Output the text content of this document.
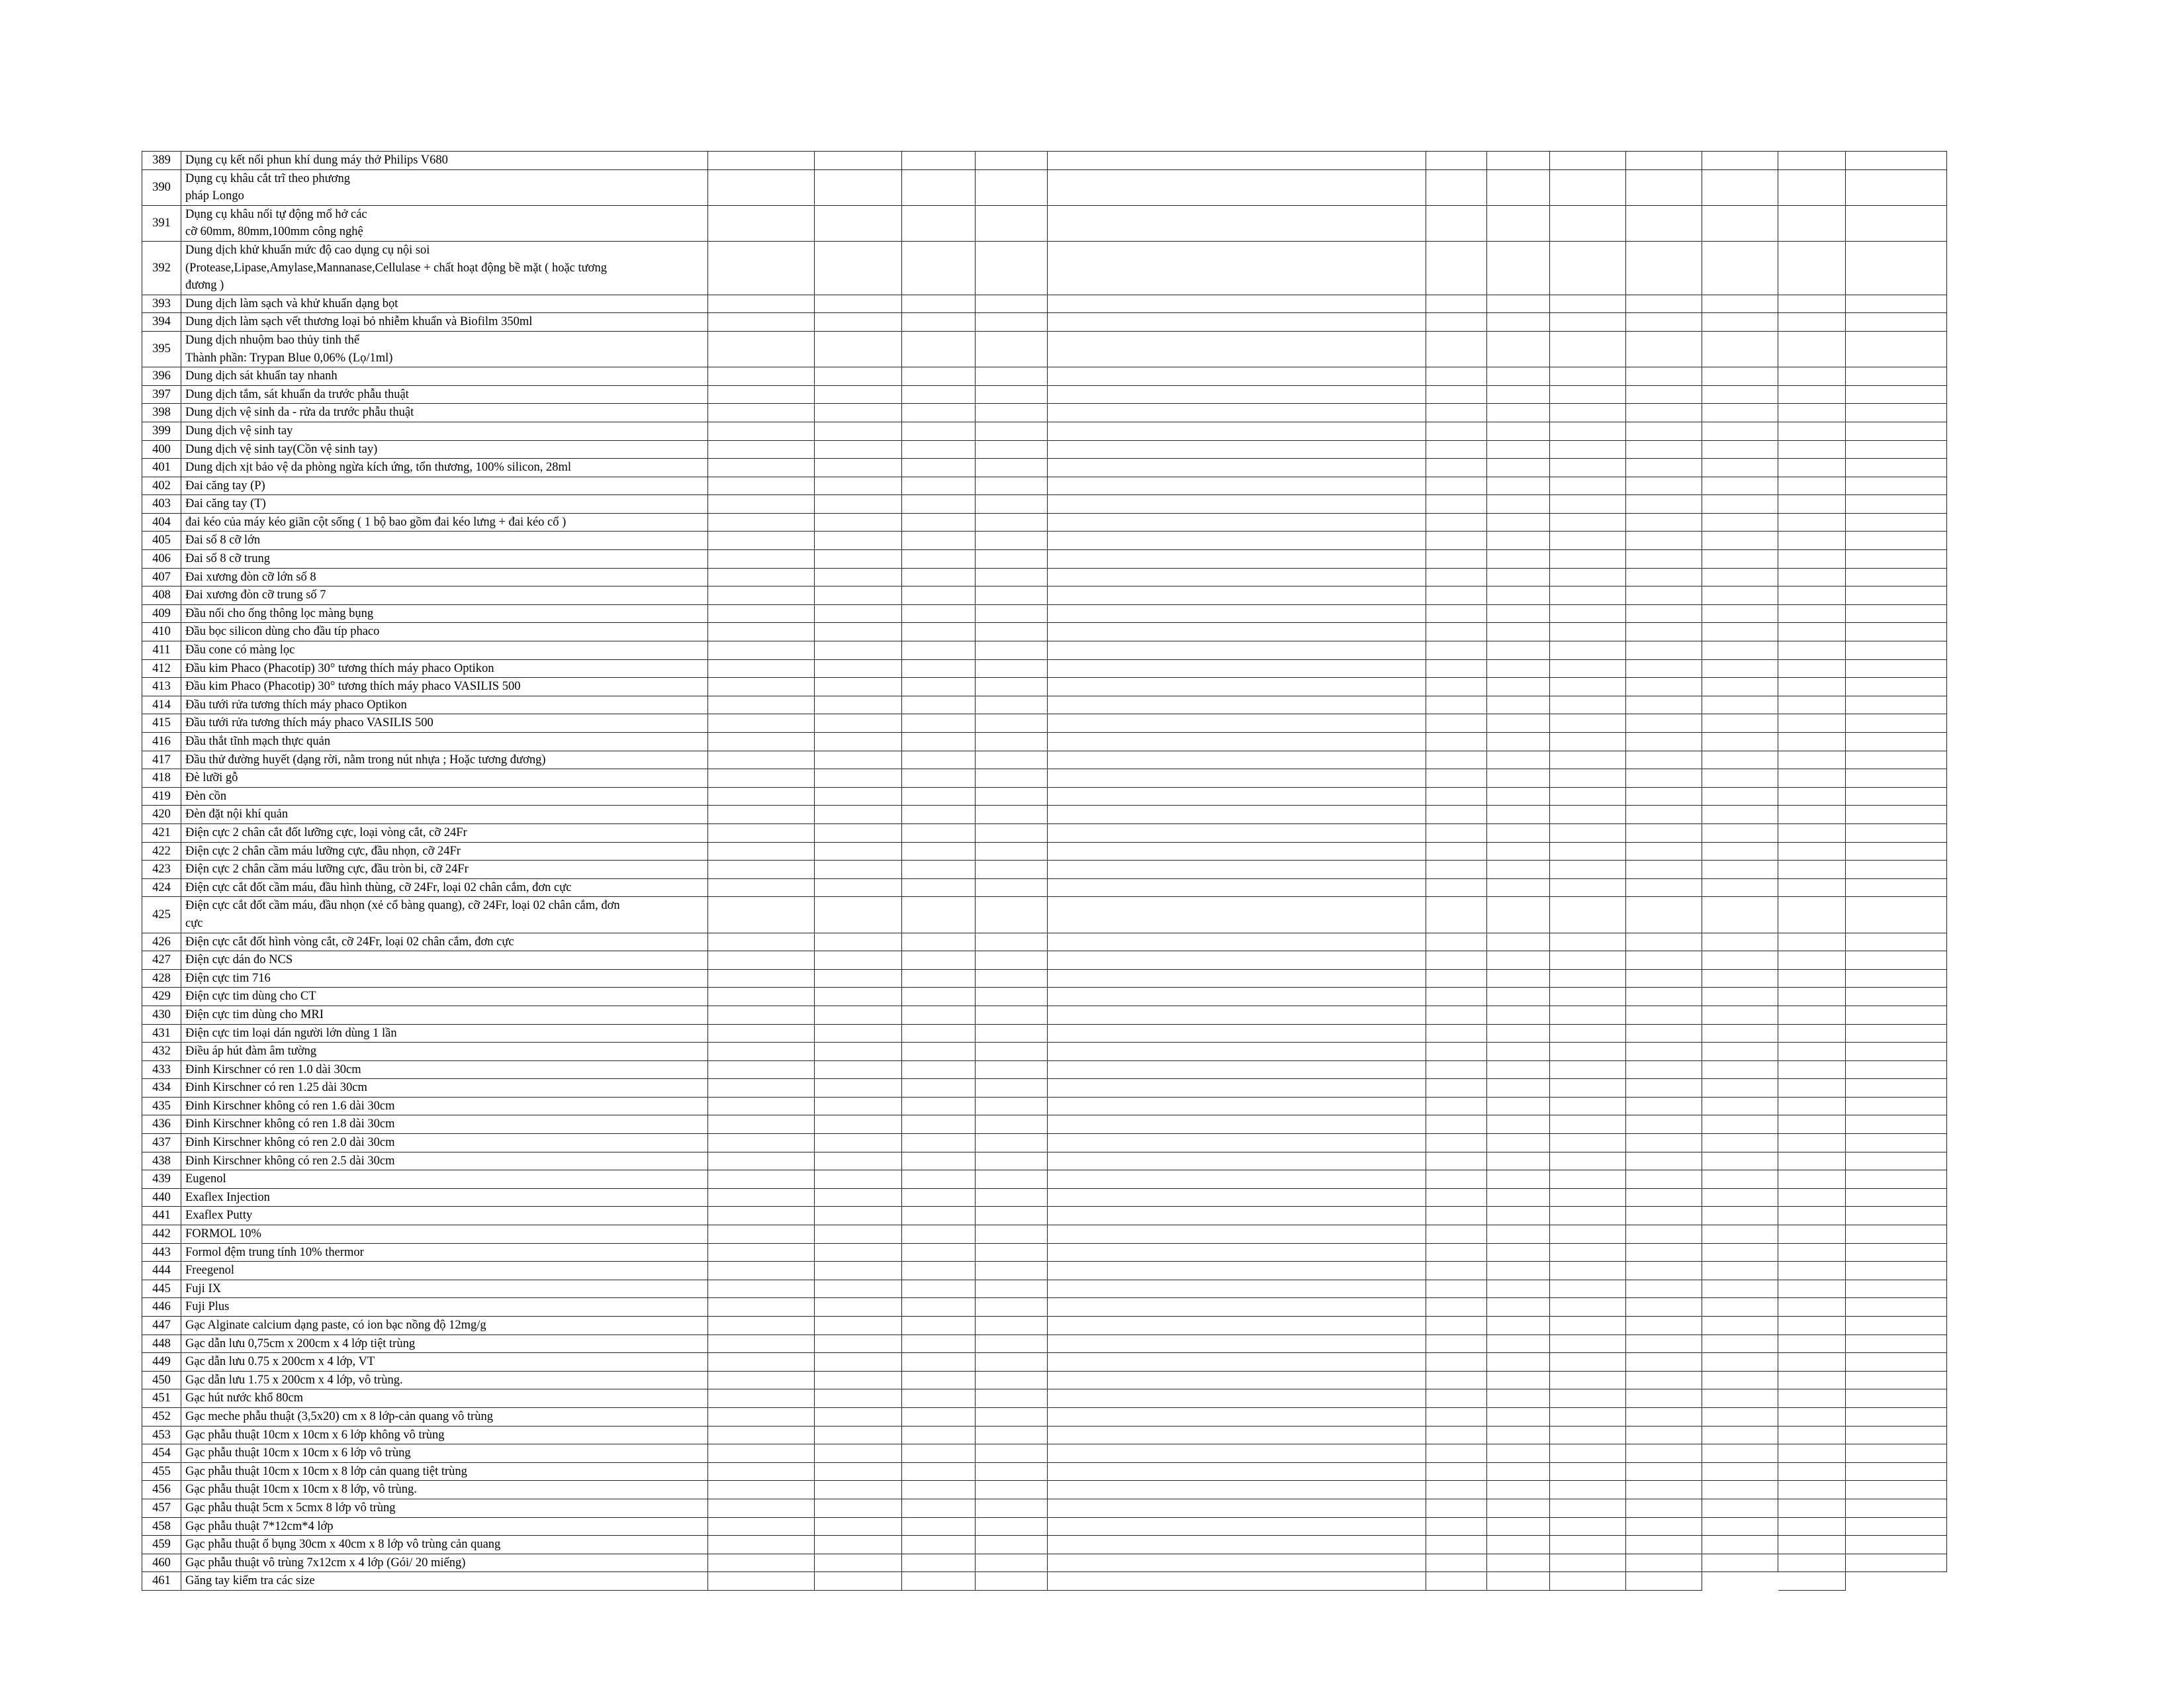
389	Dụng cụ kết nối phun khí dung máy thở Philips V680												
390	Dụng cụ khâu cắt trĩ theo phương
pháp Longo												
391	Dụng cụ khâu nối tự động mổ hở các
cỡ 60mm, 80mm,100mm công nghệ												
392	Dung dịch khử khuẩn mức độ cao dụng cụ nội soi
(Protease,Lipase,Amylase,Mannanase,Cellulase + chất hoạt động bề mặt ( hoặc tương
đương )												
393	Dung dịch làm sạch và khử khuẩn dạng bọt												
394	Dung dịch làm sạch vết thương loại bỏ nhiễm khuẩn và Biofilm 350ml												
395	Dung dịch nhuộm bao thủy tinh thể
Thành phần: Trypan Blue 0,06% (Lọ/1ml)												
396	Dung dịch sát khuẩn tay nhanh												
397	Dung dịch tắm, sát khuẩn da trước phẫu thuật												
398	Dung dịch vệ sinh da - rửa da trước phẫu thuật												
399	Dung dịch vệ sinh tay												
400	Dung dịch vệ sinh tay(Cồn vệ sinh tay)												
401	Dung dịch xịt bảo vệ da phòng ngừa kích ứng, tổn thương, 100% silicon, 28ml												
402	Đai căng tay (P)												
403	Đai căng tay (T)												
404	đai kéo của máy kéo giãn cột sống ( 1 bộ bao gồm đai kéo lưng + đai kéo cổ )												
405	Đai số 8 cỡ lớn												
406	Đai số 8 cỡ trung												
407	Đai xương đòn cỡ lớn số 8												
408	Đai xương đòn cỡ trung số 7												
409	Đầu nối cho ống thông lọc màng bụng												
410	Đầu bọc silicon dùng cho đầu típ phaco												
411	Đầu cone có màng lọc												
412	Đầu kim Phaco (Phacotip) 30° tương thích máy phaco Optikon												
413	Đầu kim Phaco (Phacotip) 30° tương thích máy phaco VASILIS 500												
414	Đầu tưới rửa tương thích máy phaco Optikon												
415	Đầu tưới rửa tương thích máy phaco VASILIS 500												
416	Đầu thắt tĩnh mạch thực quản												
417	Đầu thử đường huyết (dạng rời, nằm trong nút nhựa ; Hoặc tương đương)												
418	Đè lưỡi gỗ												
419	Đèn cồn												
420	Đèn đặt nội khí quản												
421	Điện cực 2 chân cắt đốt lưỡng cực, loại vòng cắt, cỡ 24Fr												
422	Điện cực 2 chân cầm máu lưỡng cực, đầu nhọn, cỡ 24Fr												
423	Điện cực 2 chân cầm máu lưỡng cực, đầu tròn bi, cỡ 24Fr												
424	Điện cực cắt đốt cầm máu, đầu hình thùng, cỡ 24Fr, loại 02 chân cắm, đơn cực												
425	Điện cực cắt đốt cầm máu, đầu nhọn (xẻ cổ bàng quang), cỡ 24Fr, loại 02 chân cắm, đơn
cực												
426	Điện cực cắt đốt hình vòng cắt, cỡ 24Fr, loại 02 chân cắm, đơn cực												
427	Điện cực dán đo NCS												
428	Điện cực tim 716												
429	Điện cực tim dùng cho CT												
430	Điện cực tim dùng cho MRI												
431	Điện cực tim loại dán người lớn dùng 1 lần												
432	Điều áp hút đàm âm tường												
433	Đinh Kirschner có ren 1.0 dài 30cm												
434	Đinh Kirschner có ren 1.25 dài 30cm												
435	Đinh Kirschner không có ren 1.6 dài 30cm												
436	Đinh Kirschner không có ren 1.8 dài 30cm												
437	Đinh Kirschner không có ren 2.0 dài 30cm												
438	Đinh Kirschner không có ren 2.5 dài 30cm												
439	Eugenol												
440	Exaflex Injection												
441	Exaflex Putty												
442	FORMOL 10%												
443	Formol đệm trung tính 10% thermor												
444	Freegenol												
445	Fuji IX												
446	Fuji Plus												
447	Gạc Alginate calcium dạng paste, có ion bạc nồng độ 12mg/g												
448	Gạc dẫn lưu 0,75cm x 200cm x 4 lớp tiệt trùng												
449	Gạc dẫn lưu 0.75 x 200cm x 4 lớp, VT												
450	Gạc dẫn lưu 1.75 x 200cm x 4 lớp, vô trùng.												
451	Gạc hút nước khổ 80cm												
452	Gạc meche phẫu thuật (3,5x20) cm x 8 lớp-cản quang vô trùng												
453	Gạc phẫu thuật 10cm x 10cm x 6 lớp không vô trùng												
454	Gạc phẫu thuật 10cm x 10cm x 6 lớp vô trùng												
455	Gạc phẫu thuật 10cm x 10cm x 8 lớp cản quang tiệt trùng												
456	Gạc phẫu thuật 10cm x 10cm x 8 lớp, vô trùng.												
457	Gạc phẫu thuật 5cm x 5cmx 8 lớp vô trùng												
458	Gạc phẫu thuật 7*12cm*4 lớp												
459	Gạc phẫu thuật ổ bụng 30cm x 40cm x 8 lớp vô trùng cản quang												
460	Gạc phẫu thuật vô trùng 7x12cm x 4 lớp (Gói/ 20 miếng)												
461	Găng tay kiểm tra các size												
